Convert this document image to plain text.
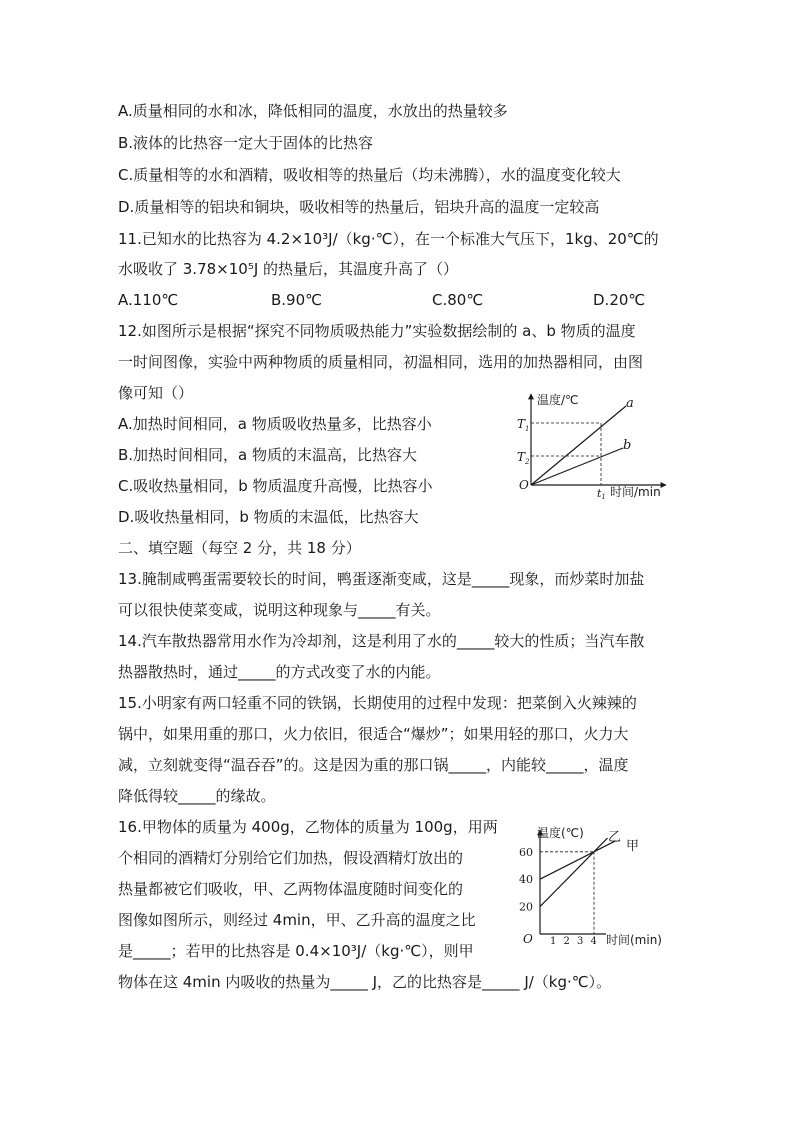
A.质量相同的水和冰，降低相同的温度，水放出的热量较多
B.液体的比热容一定大于固体的比热容
C.质量相等的水和酒精，吸收相等的热量后（均未沸腾），水的温度变化较大
D.质量相等的铝块和铜块，吸收相等的热量后，铝块升高的温度一定较高
11.已知水的比热容为 4.2×10³J/（kg·℃），在一个标准大气压下，1kg、20℃的
水吸收了 3.78×10⁵J 的热量后，其温度升高了（）
A.110℃	B.90℃	C.80℃	D.20℃
12.如图所示是根据“探究不同物质吸热能力”实验数据绘制的 a、b 物质的温度
一时间图像，实验中两种物质的质量相同，初温相同，选用的加热器相同，由图
像可知（）
A.加热时间相同，a 物质吸收热量多，比热容小
B.加热时间相同，a 物质的末温高，比热容大
C.吸收热量相同，b 物质温度升高慢，比热容小
D.吸收热量相同，b 物质的末温低，比热容大
二、填空题（每空 2 分，共 18 分）
13.腌制咸鸭蛋需要较长的时间，鸭蛋逐渐变咸，这是_____现象，而炒菜时加盐
可以很快使菜变咸，说明这种现象与_____有关。
14.汽车散热器常用水作为冷却剂，这是利用了水的_____较大的性质；当汽车散
热器散热时，通过_____的方式改变了水的内能。
15.小明家有两口轻重不同的铁锅，长期使用的过程中发现：把菜倒入火辣辣的
锅中，如果用重的那口，火力依旧，很适合“爆炒”；如果用轻的那口，火力大
减，立刻就变得“温吞吞”的。这是因为重的那口锅_____，内能较_____，温度
降低得较_____的缘故。
16.甲物体的质量为 400g，乙物体的质量为 100g，用两
个相同的酒精灯分别给它们加热，假设酒精灯放出的
热量都被它们吸收，甲、乙两物体温度随时间变化的
图像如图所示，则经过 4min，甲、乙升高的温度之比
是_____；若甲的比热容是 0.4×10³J/（kg·℃），则甲
物体在这 4min 内吸收的热量为_____ J，乙的比热容是_____ J/（kg·℃）。
温度/℃	a
b
$T_1$
$T_2$
O
t1 时间/min
温度(℃)
O	时间(min)
1 2 3 4
20
40
60
乙
甲
